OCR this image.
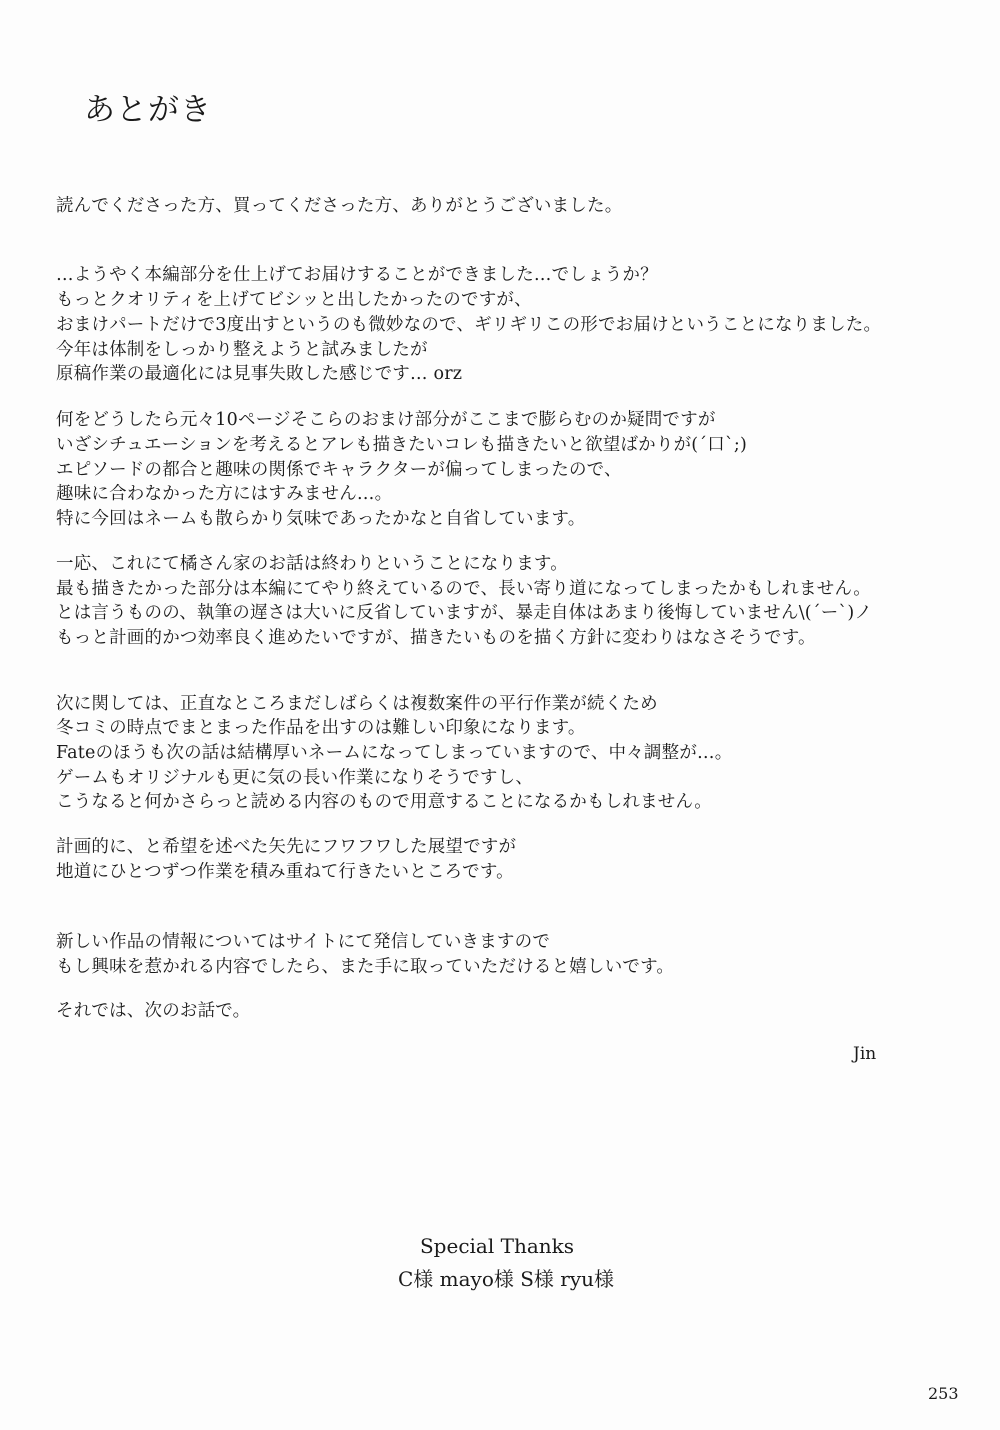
あとがき
読んでくださった方、買ってくださった方、ありがとうございました。
…ようやく本編部分を仕上げてお届けすることができました…でしょうか？
もっとクオリティを上げてビシッと出したかったのですが、
おまけパートだけで3度出すというのも微妙なので、ギリギリこの形でお届けということになりました。
今年は体制をしっかり整えようと試みましたが
原稿作業の最適化には見事失敗した感じです… orz
何をどうしたら元々10ページそこらのおまけ部分がここまで膨らむのか疑問ですが
いざシチュエーションを考えるとアレも描きたいコレも描きたいと欲望ばかりが(´口`;)
エピソードの都合と趣味の関係でキャラクターが偏ってしまったので、
趣味に合わなかった方にはすみません…。
特に今回はネームも散らかり気味であったかなと自省しています。
一応、これにて橘さん家のお話は終わりということになります。
最も描きたかった部分は本編にてやり終えているので、長い寄り道になってしまったかもしれません。
とは言うものの、執筆の遅さは大いに反省していますが、暴走自体はあまり後悔していません\(´ー`)ノ
もっと計画的かつ効率良く進めたいですが、描きたいものを描く方針に変わりはなさそうです。
次に関しては、正直なところまだしばらくは複数案件の平行作業が続くため
冬コミの時点でまとまった作品を出すのは難しい印象になります。
Fateのほうも次の話は結構厚いネームになってしまっていますので、中々調整が…。
ゲームもオリジナルも更に気の長い作業になりそうですし、
こうなると何かさらっと読める内容のもので用意することになるかもしれません。
計画的に、と希望を述べた矢先にフワフワした展望ですが
地道にひとつずつ作業を積み重ねて行きたいところです。
新しい作品の情報についてはサイトにて発信していきますので
もし興味を惹かれる内容でしたら、また手に取っていただけると嬉しいです。
それでは、次のお話で。
Jin
Special Thanks
C様 mayo様 S様 ryu様
253
